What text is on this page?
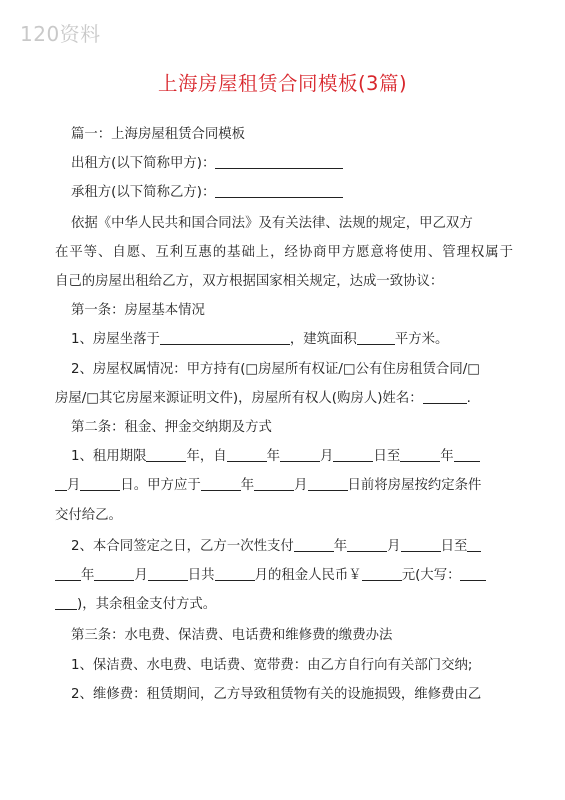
120资料
上海房屋租赁合同模板(3篇)

篇一：上海房屋租赁合同模板

出租方(以下简称甲方)：

承租方(以下简称乙方)：

依据《中华人民共和国合同法》及有关法律、法规的规定，甲乙双方

在平等、自愿、互利互惠的基础上，经协商甲方愿意将使用、管理权属于

自己的房屋出租给乙方，双方根据国家相关规定，达成一致协议：

第一条：房屋基本情况

1、房屋坐落于	，建筑面积	平方米。

2、房屋权属情况：甲方持有(□房屋所有权证/□公有住房租赁合同/□

房屋/□其它房屋来源证明文件)，房屋所有权人(购房人)姓名：	.

第二条：租金、押金交纳期及方式

1、租用期限	年，自	年	月	日至	年

月	日。甲方应于	年	月	日前将房屋按约定条件

交付给乙。

2、本合同签定之日，乙方一次性支付	年	月	日至

年	月	日共	月的租金人民币￥	元(大写：

)，其余租金支付方式。

第三条：水电费、保洁费、电话费和维修费的缴费办法

1、保洁费、水电费、电话费、宽带费：由乙方自行向有关部门交纳;

2、维修费：租赁期间，乙方导致租赁物有关的设施损毁，维修费由乙
